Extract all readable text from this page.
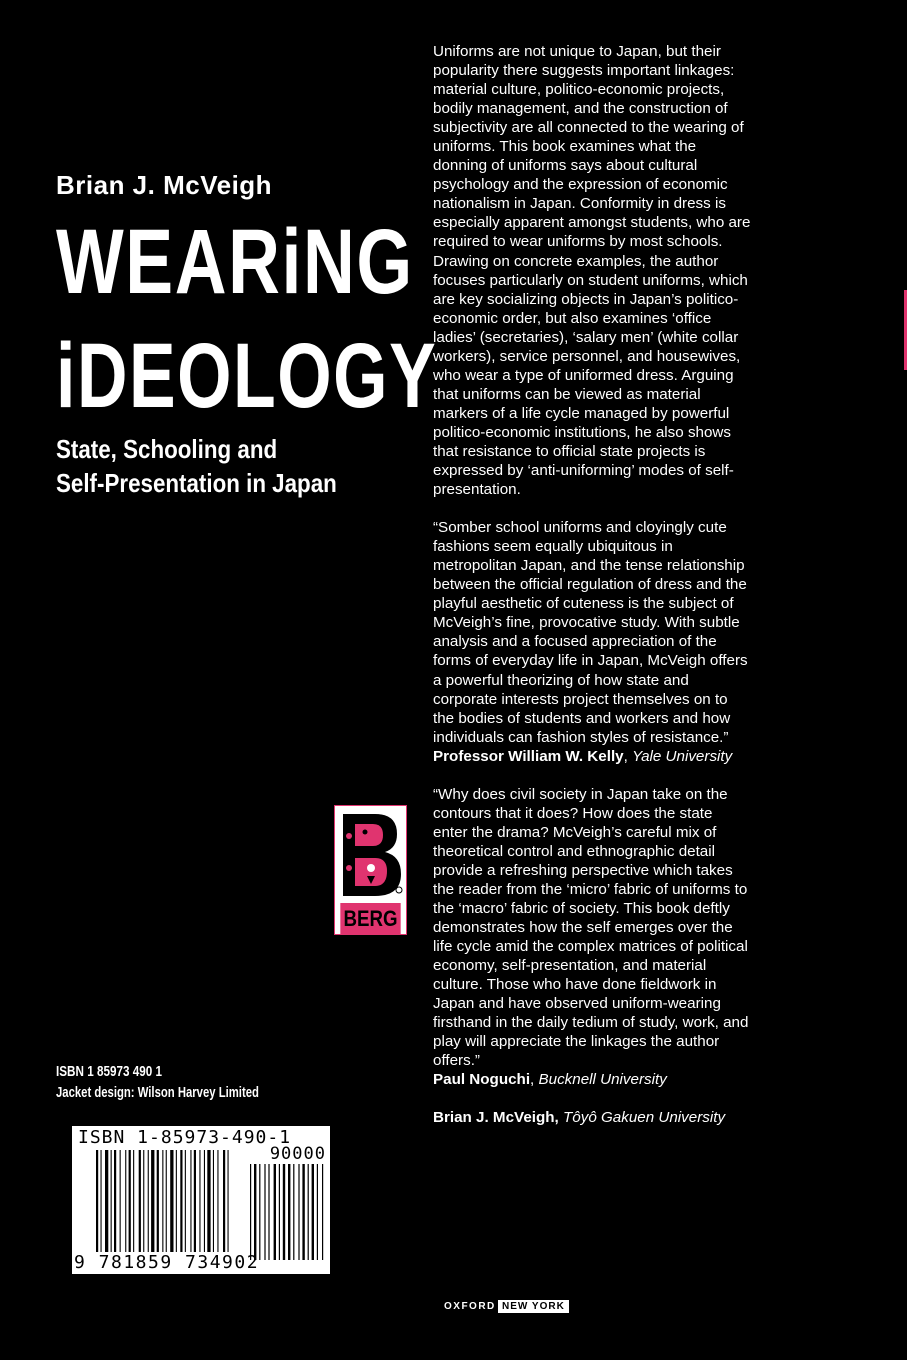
Brian J. McVeigh
WEARiNG
iDEOLOGY
State, Schooling and
Self-Presentation in Japan

Uniforms are not unique to Japan, but their popularity there suggests important linkages: material culture, politico-economic projects, bodily management, and the construction of subjectivity are all connected to the wearing of uniforms. This book examines what the donning of uniforms says about cultural psychology and the expression of economic nationalism in Japan. Conformity in dress is especially apparent amongst students, who are required to wear uniforms by most schools. Drawing on concrete examples, the author focuses particularly on student uniforms, which are key socializing objects in Japan’s politico-economic order, but also examines ‘office ladies’ (secretaries), ‘salary men’ (white collar workers), service personnel, and housewives, who wear a type of uniformed dress. Arguing that uniforms can be viewed as material markers of a life cycle managed by powerful politico-economic institutions, he also shows that resistance to official state projects is expressed by ‘anti-uniforming’ modes of self-presentation.

“Somber school uniforms and cloyingly cute fashions seem equally ubiquitous in metropolitan Japan, and the tense relationship between the official regulation of dress and the playful aesthetic of cuteness is the subject of McVeigh’s fine, provocative study. With subtle analysis and a focused appreciation of the forms of everyday life in Japan, McVeigh offers a powerful theorizing of how state and corporate interests project themselves on to the bodies of students and workers and how individuals can fashion styles of resistance.”

Professor William W. Kelly, Yale University

“Why does civil society in Japan take on the contours that it does? How does the state enter the drama? McVeigh’s careful mix of theoretical control and ethnographic detail provide a refreshing perspective which takes the reader from the ‘micro’ fabric of uniforms to the ‘macro’ fabric of society. This book deftly demonstrates how the self emerges over the life cycle amid the complex matrices of political economy, self-presentation, and material culture. Those who have done fieldwork in Japan and have observed uniform-wearing firsthand in the daily tedium of study, work, and play will appreciate the linkages the author offers.”

Paul Noguchi, Bucknell University

Brian J. McVeigh, Tôyô Gakuen University

BERG
ISBN 1 85973 490 1
Jacket design: Wilson Harvey Limited
ISBN 1-85973-490-1
90000
9 781859 734902
OXFORD NEW YORK
